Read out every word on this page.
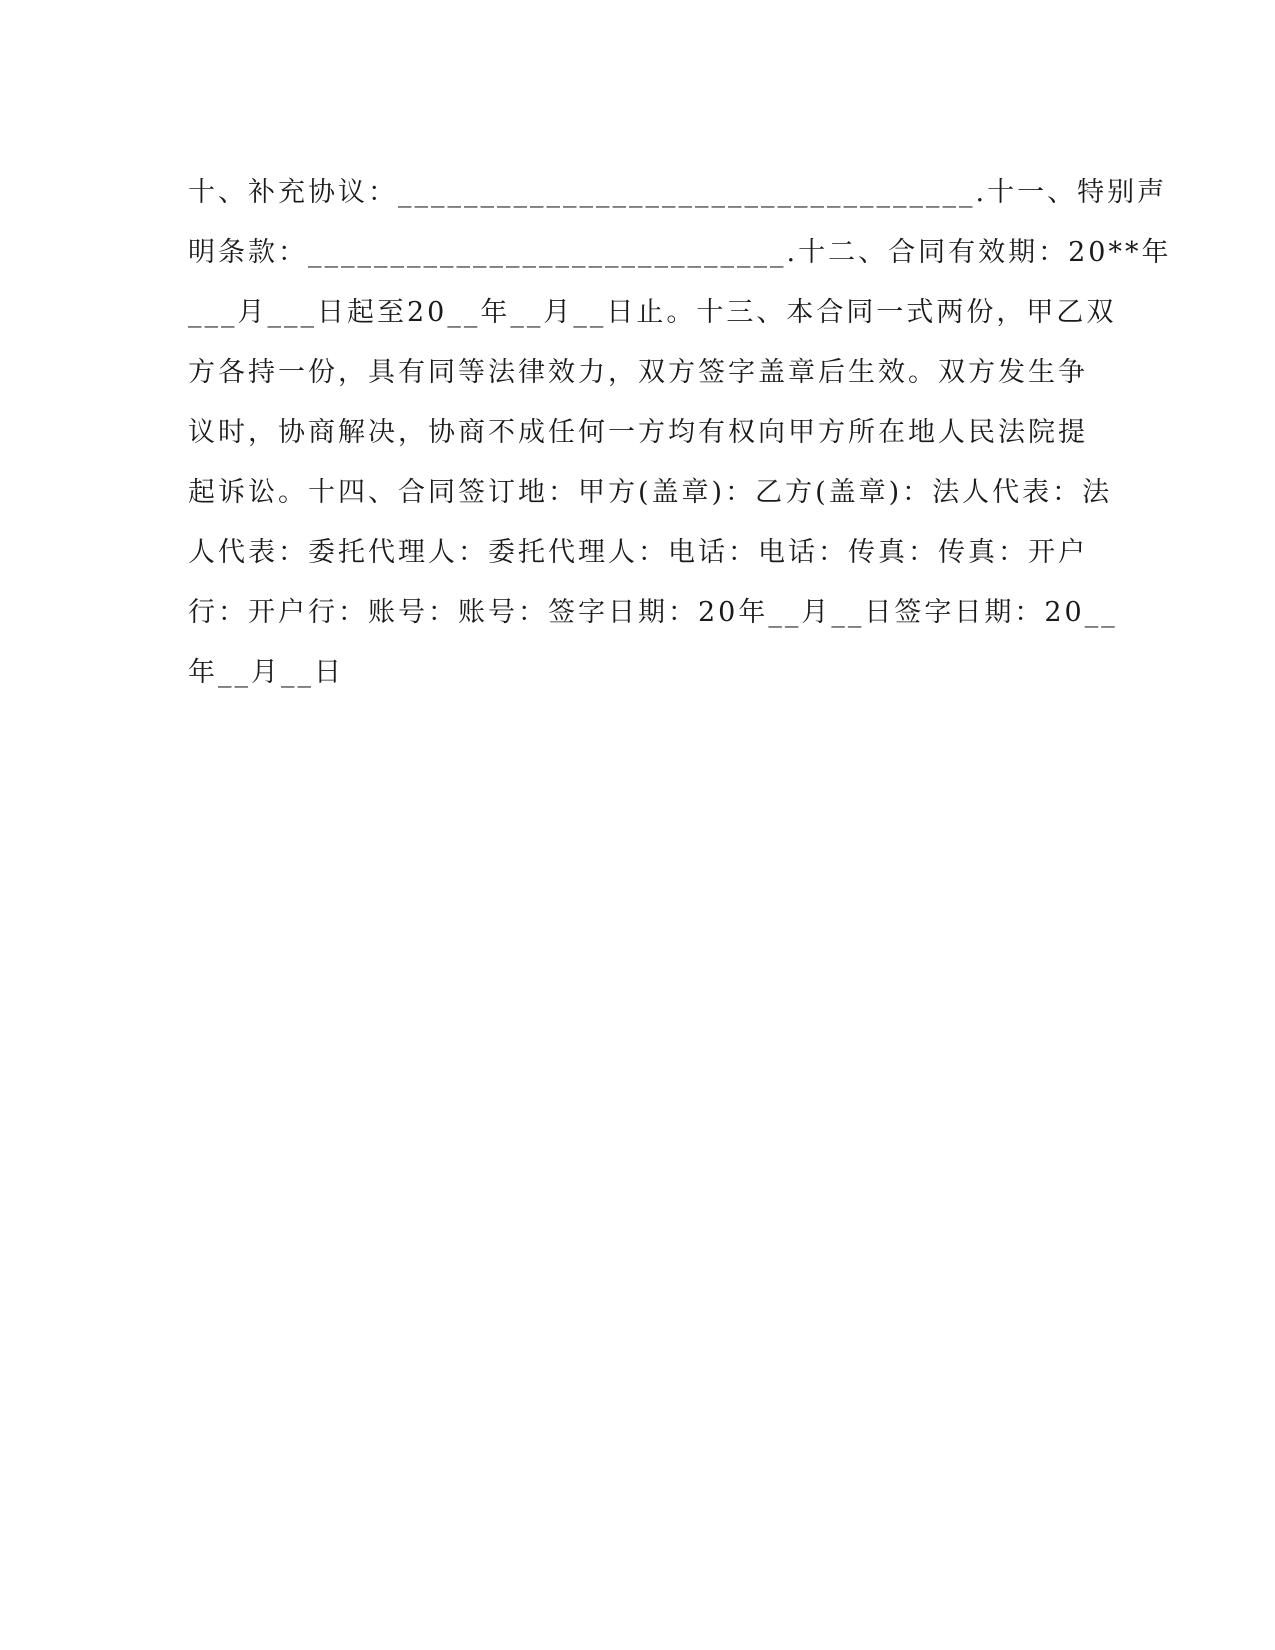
十、补充协议：___________________________________.十一、特别声
明条款：_____________________________.十二、合同有效期：20**年
___月___日起至20__年__月__日止。十三、本合同一式两份，甲乙双
方各持一份，具有同等法律效力，双方签字盖章后生效。双方发生争
议时，协商解决，协商不成任何一方均有权向甲方所在地人民法院提
起诉讼。十四、合同签订地：甲方(盖章)：乙方(盖章)：法人代表：法
人代表：委托代理人：委托代理人：电话：电话：传真：传真：开户
行：开户行：账号：账号：签字日期：20年__月__日签字日期：20__
年__月__日
